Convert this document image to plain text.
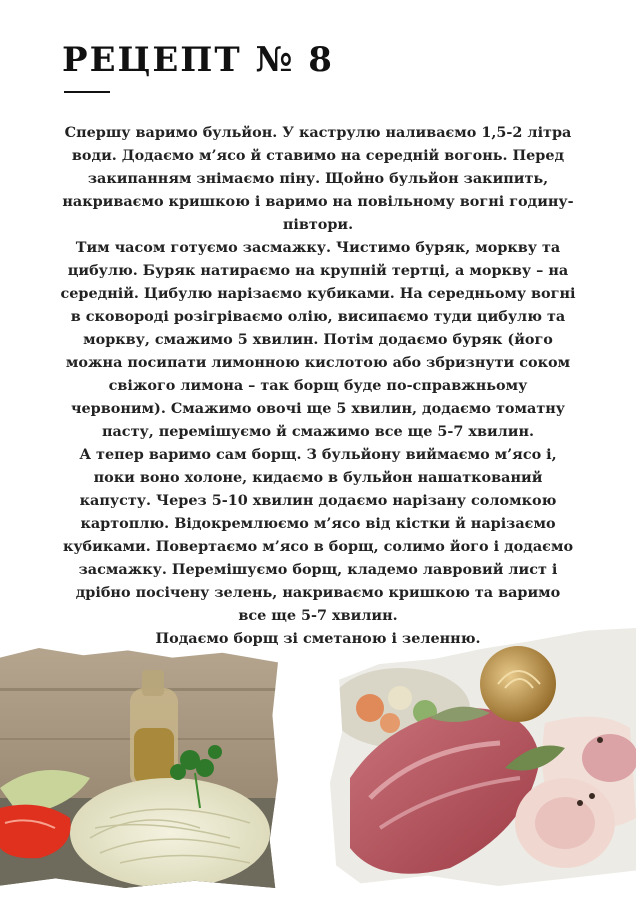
РЕЦЕПТ № 8

Спершу варимо бульйон. У каструлю наливаємо 1,5-2 літра води. Додаємо м’ясо й ставимо на середній вогонь. Перед закипанням знімаємо піну. Щойно бульйон закипить, накриваємо кришкою і варимо на повільному вогні годину-півтори.

Тим часом готуємо засмажку. Чистимо буряк, моркву та цибулю. Буряк натираємо на крупній тертці, а моркву – на середній. Цибулю нарізаємо кубиками. На середньому вогні в сковороді розігріваємо олію, висипаємо туди цибулю та моркву, смажимо 5 хвилин. Потім додаємо буряк (його можна посипати лимонною кислотою або збризнути соком свіжого лимона – так борщ буде по-справжньому червоним). Смажимо овочі ще 5 хвилин, додаємо томатну пасту, перемішуємо й смажимо все ще 5-7 хвилин.

А тепер варимо сам борщ. З бульйону виймаємо м’ясо і, поки воно холоне, кидаємо в бульйон нашаткований капусту. Через 5-10 хвилин додаємо нарізану соломкою картоплю. Відокремлюємо м’ясо від кістки й нарізаємо кубиками. Повертаємо м’ясо в борщ, солимо його і додаємо засмажку. Перемішуємо борщ, кладемо лавровий лист і дрібно посічену зелень, накриваємо кришкою та варимо все ще 5-7 хвилин.

Подаємо борщ зі сметаною і зеленню.
